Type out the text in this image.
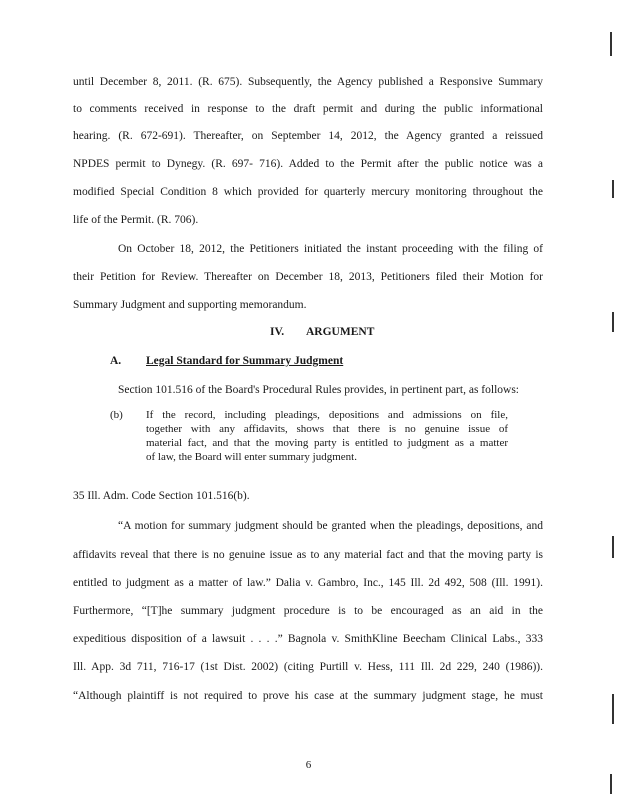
until December 8, 2011. (R. 675). Subsequently, the Agency published a Responsive Summary
to comments received in response to the draft permit and during the public informational
hearing. (R. 672-691). Thereafter, on September 14, 2012, the Agency granted a reissued
NPDES permit to Dynegy. (R. 697- 716). Added to the Permit after the public notice was a
modified Special Condition 8 which provided for quarterly mercury monitoring throughout the
life of the Permit. (R. 706).
On October 18, 2012, the Petitioners initiated the instant proceeding with the filing of
their Petition for Review. Thereafter on December 18, 2013, Petitioners filed their Motion for
Summary Judgment and supporting memorandum.
IV. ARGUMENT
A. Legal Standard for Summary Judgment
Section 101.516 of the Board's Procedural Rules provides, in pertinent part, as follows:
(b) If the record, including pleadings, depositions and admissions on file,
together with any affidavits, shows that there is no genuine issue of
material fact, and that the moving party is entitled to judgment as a matter
of law, the Board will enter summary judgment.
35 Ill. Adm. Code Section 101.516(b).
“A motion for summary judgment should be granted when the pleadings, depositions, and
affidavits reveal that there is no genuine issue as to any material fact and that the moving party is
entitled to judgment as a matter of law.” Dalia v. Gambro, Inc., 145 Ill. 2d 492, 508 (Ill. 1991).
Furthermore, “[T]he summary judgment procedure is to be encouraged as an aid in the
expeditious disposition of a lawsuit . . . .” Bagnola v. SmithKline Beecham Clinical Labs., 333
Ill. App. 3d 711, 716-17 (1st Dist. 2002) (citing Purtill v. Hess, 111 Ill. 2d 229, 240 (1986)).
“Although plaintiff is not required to prove his case at the summary judgment stage, he must
6
